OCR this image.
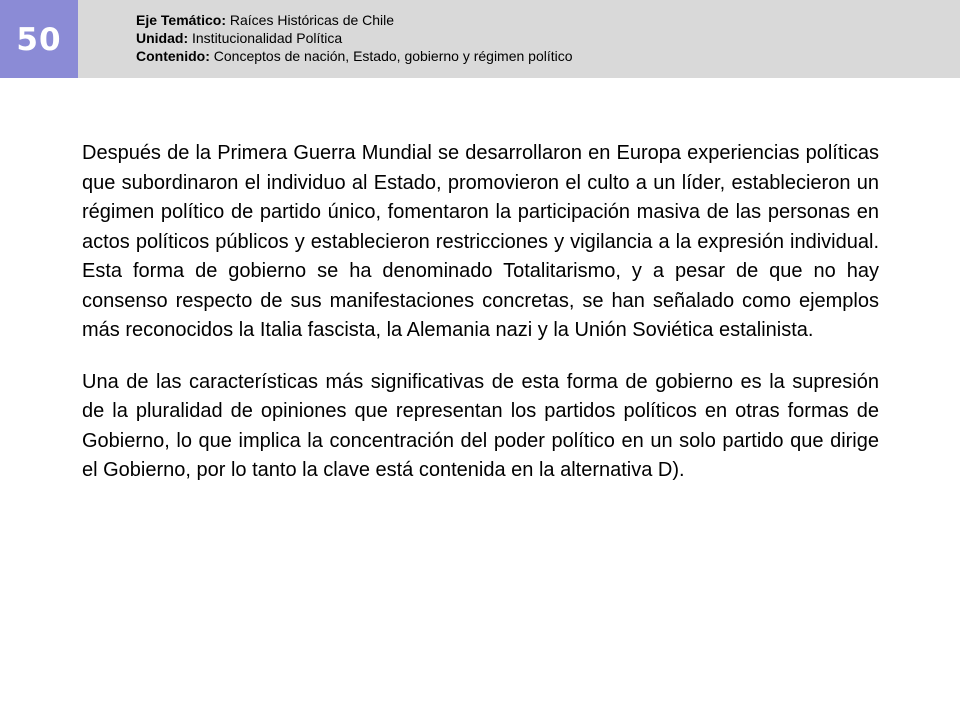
50
Eje Temático: Raíces Históricas de Chile
Unidad: Institucionalidad Política
Contenido: Conceptos de nación, Estado, gobierno y régimen político

Después de la Primera Guerra Mundial se desarrollaron en Europa experiencias políticas que subordinaron el individuo al Estado, promovieron el culto a un líder, establecieron un régimen político de partido único, fomentaron la participación masiva de las personas en actos políticos públicos y establecieron restricciones y vigilancia a la expresión individual. Esta forma de gobierno se ha denominado Totalitarismo, y a pesar de que no hay consenso respecto de sus manifestaciones concretas, se han señalado como ejemplos más reconocidos la Italia fascista, la Alemania nazi y la Unión Soviética estalinista.

Una de las características más significativas de esta forma de gobierno es la supresión de la pluralidad de opiniones que representan los partidos políticos en otras formas de Gobierno, lo que implica la concentración del poder político en un solo partido que dirige el Gobierno, por lo tanto la clave está contenida en la alternativa D).
